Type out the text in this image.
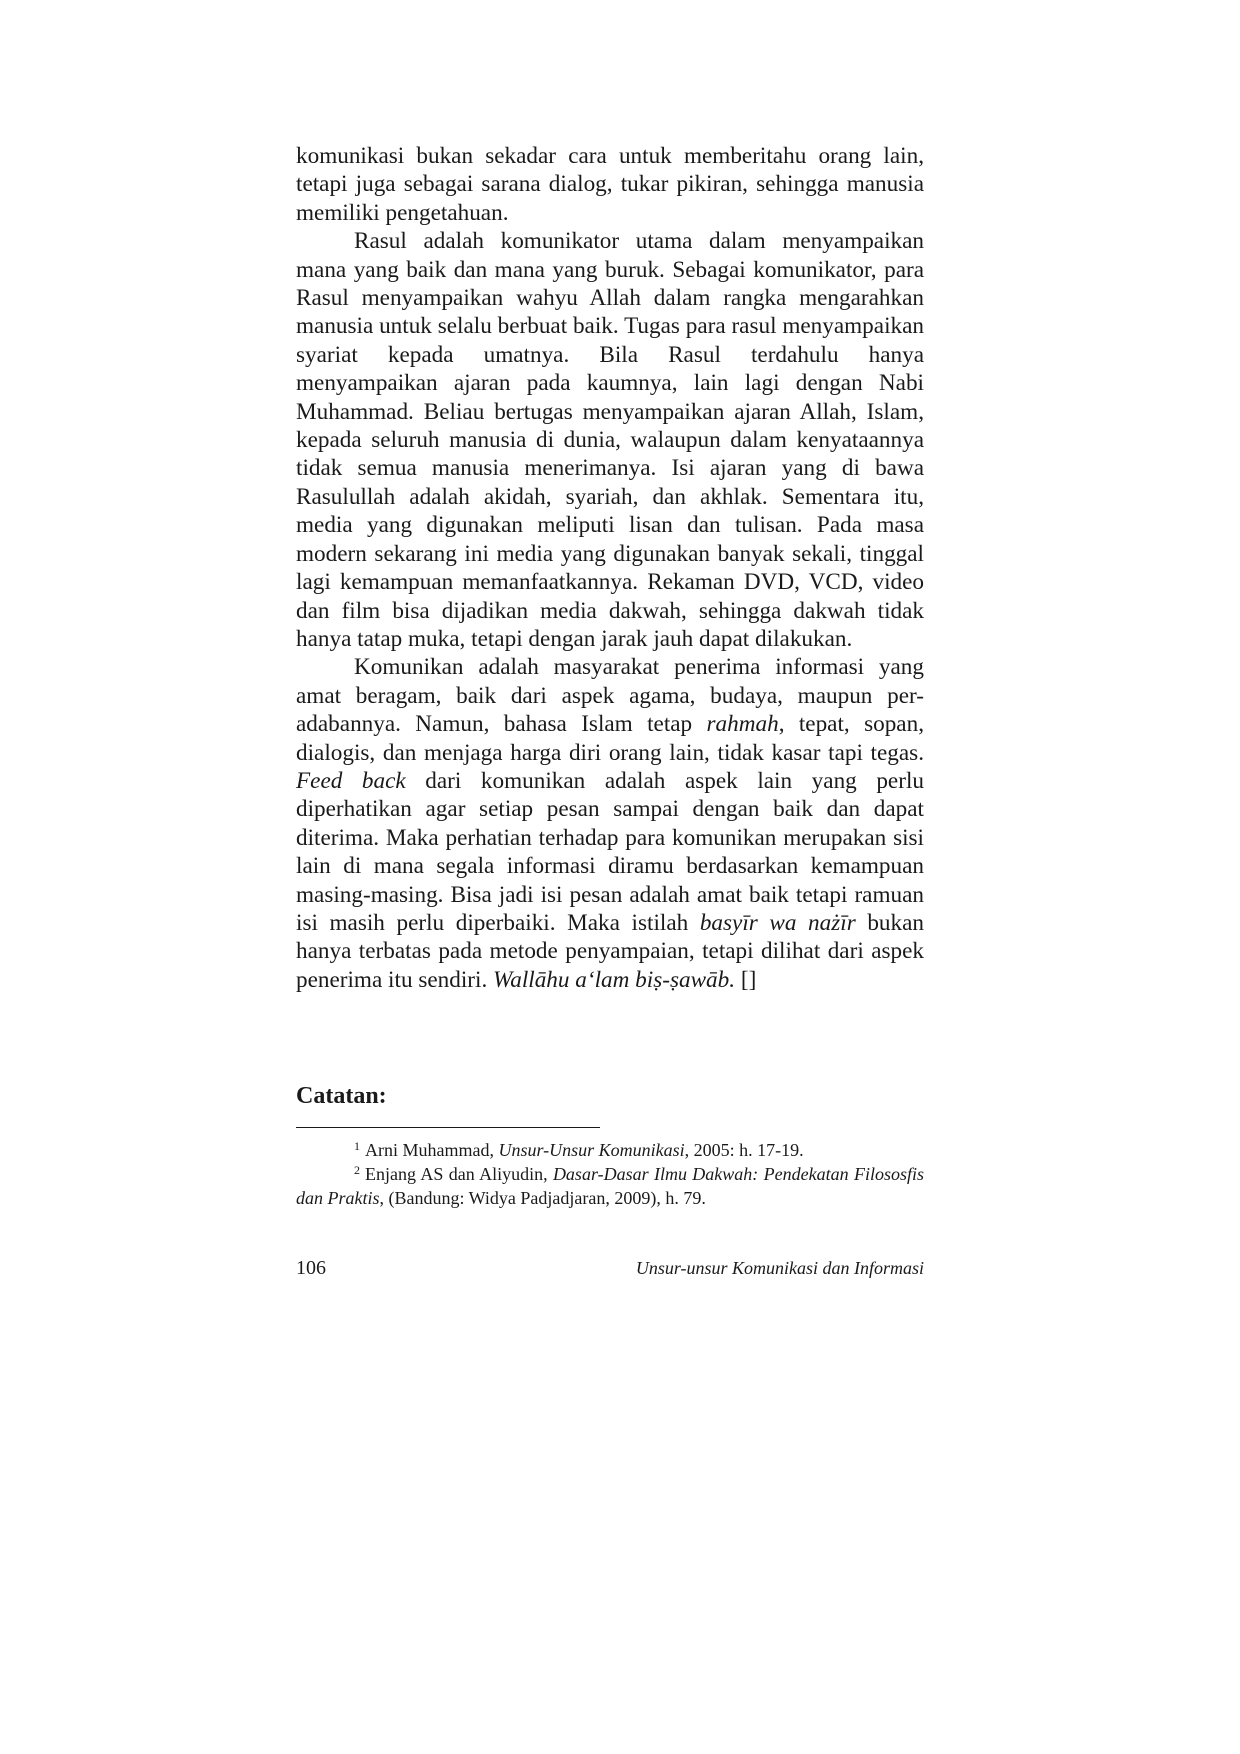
komunikasi bukan sekadar cara untuk memberitahu orang lain, tetapi juga sebagai sarana dialog, tukar pikiran, sehingga manusia memiliki pengetahuan.

Rasul adalah komunikator utama dalam menyampaikan mana yang baik dan mana yang buruk. Sebagai komunikator, para Rasul menyampaikan wahyu Allah dalam rangka mengarahkan manusia untuk selalu berbuat baik. Tugas para rasul menyampaikan syariat kepada umatnya. Bila Rasul terdahulu hanya menyampaikan ajaran pada kaumnya, lain lagi dengan Nabi Muhammad. Beliau bertugas menyampaikan ajaran Allah, Islam, kepada seluruh manusia di dunia, walaupun dalam kenyataannya tidak semua manusia menerimanya. Isi ajaran yang di bawa Rasulullah adalah akidah, syariah, dan akhlak. Sementara itu, media yang digunakan meliputi lisan dan tulisan. Pada masa modern sekarang ini media yang digunakan banyak sekali, tinggal lagi kemampuan memanfaatkannya. Rekaman DVD, VCD, video dan film bisa dijadikan media dakwah, sehingga dakwah tidak hanya tatap muka, tetapi dengan jarak jauh dapat dilakukan.

Komunikan adalah masyarakat penerima informasi yang amat beragam, baik dari aspek agama, budaya, maupun per-adabannya. Namun, bahasa Islam tetap rahmah, tepat, sopan, dialogis, dan menjaga harga diri orang lain, tidak kasar tapi tegas. Feed back dari komunikan adalah aspek lain yang perlu diperhatikan agar setiap pesan sampai dengan baik dan dapat diterima. Maka perhatian terhadap para komunikan merupakan sisi lain di mana segala informasi diramu berdasarkan kemampuan masing-masing. Bisa jadi isi pesan adalah amat baik tetapi ramuan isi masih perlu diperbaiki. Maka istilah basyīr wa nażīr bukan hanya terbatas pada metode penyampaian, tetapi dilihat dari aspek penerima itu sendiri. Wallāhu a‘lam biṣ-ṣawāb. []

Catatan:

$^1$ Arni Muhammad, Unsur-Unsur Komunikasi, 2005: h. 17-19.

$^2$ Enjang AS dan Aliyudin, Dasar-Dasar Ilmu Dakwah: Pendekatan Filososfis dan Praktis, (Bandung: Widya Padjadjaran, 2009), h. 79.

106	Unsur-unsur Komunikasi dan Informasi
